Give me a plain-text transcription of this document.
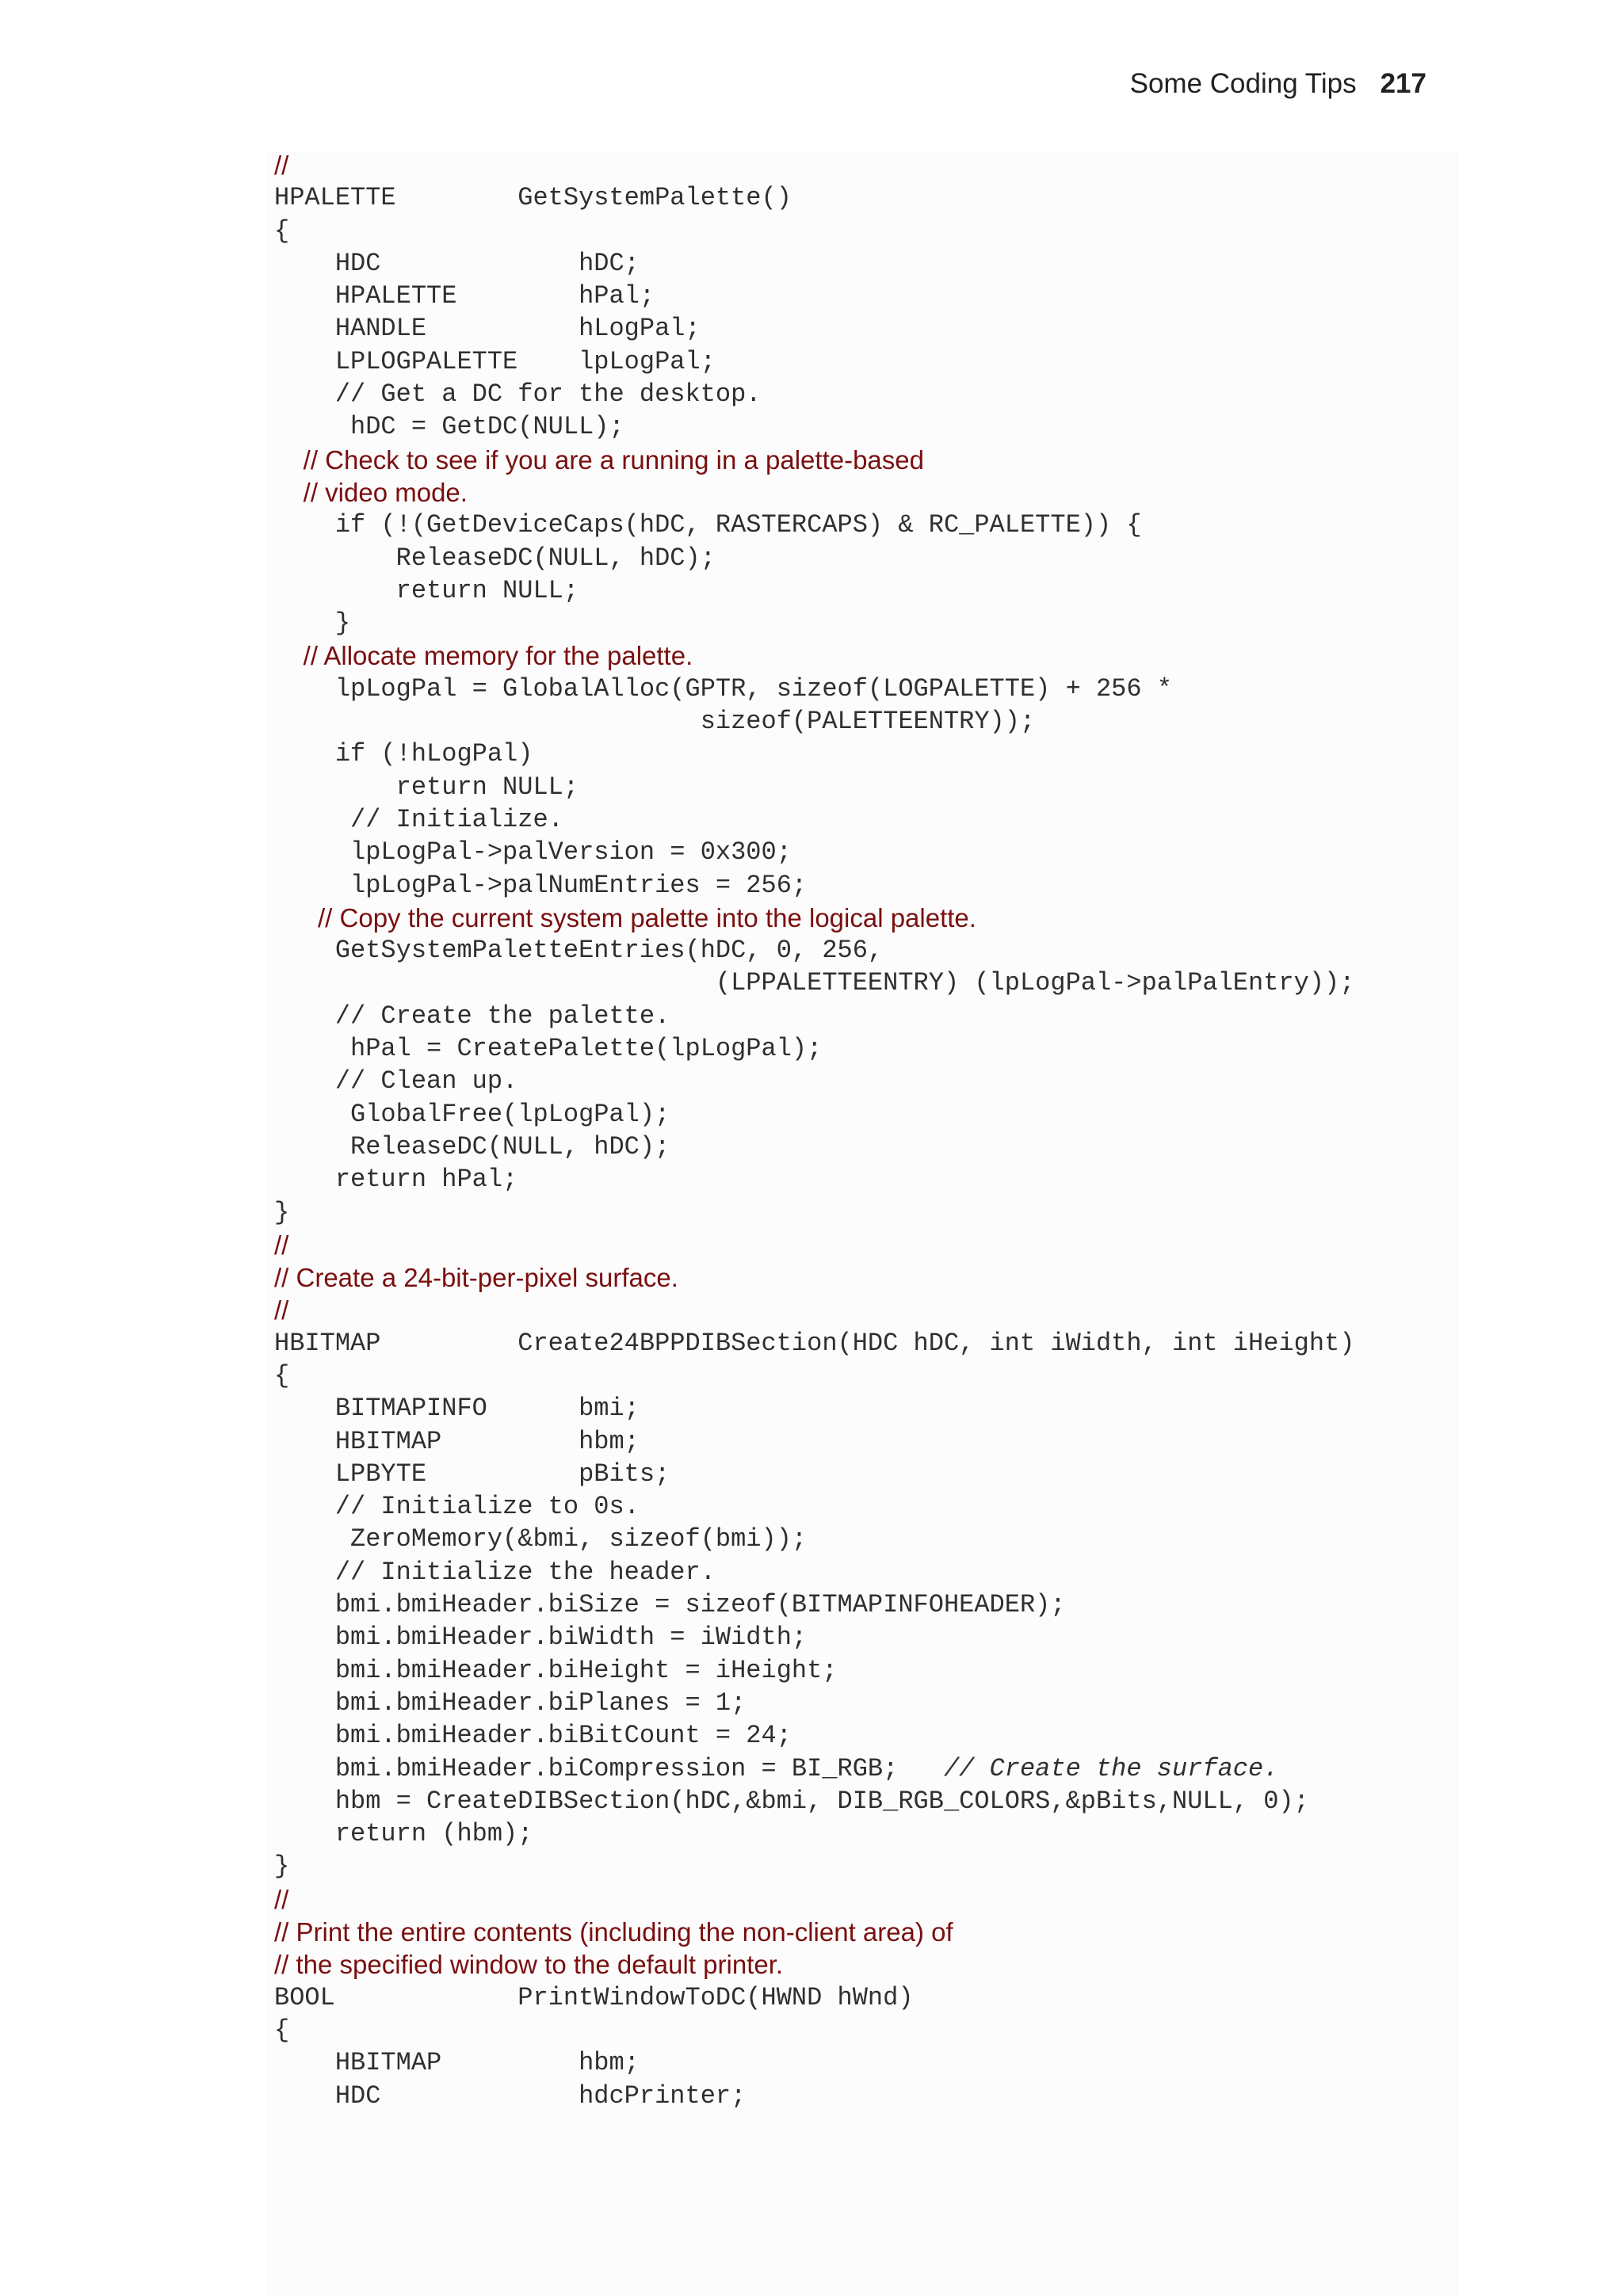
Some Coding Tips 217
//
HPALETTE        GetSystemPalette()
{
HDC             hDC;
HPALETTE        hPal;
HANDLE          hLogPal;
LPLOGPALETTE    lpLogPal;
// Get a DC for the desktop.
hDC = GetDC(NULL);
// Check to see if you are a running in a palette-based
// video mode.
if (!(GetDeviceCaps(hDC, RASTERCAPS) & RC_PALETTE)) {
ReleaseDC(NULL, hDC);
return NULL;
}
// Allocate memory for the palette.
lpLogPal = GlobalAlloc(GPTR, sizeof(LOGPALETTE) + 256 *
sizeof(PALETTEENTRY));
if (!hLogPal)
return NULL;
// Initialize.
lpLogPal->palVersion = 0x300;
lpLogPal->palNumEntries = 256;
// Copy the current system palette into the logical palette.
GetSystemPaletteEntries(hDC, 0, 256,
(LPPALETTEENTRY) (lpLogPal->palPalEntry));
// Create the palette.
hPal = CreatePalette(lpLogPal);
// Clean up.
GlobalFree(lpLogPal);
ReleaseDC(NULL, hDC);
return hPal;
}
//
// Create a 24-bit-per-pixel surface.
//
HBITMAP         Create24BPPDIBSection(HDC hDC, int iWidth, int iHeight)
{
BITMAPINFO      bmi;
HBITMAP         hbm;
LPBYTE          pBits;
// Initialize to 0s.
ZeroMemory(&bmi, sizeof(bmi));
// Initialize the header.
bmi.bmiHeader.biSize = sizeof(BITMAPINFOHEADER);
bmi.bmiHeader.biWidth = iWidth;
bmi.bmiHeader.biHeight = iHeight;
bmi.bmiHeader.biPlanes = 1;
bmi.bmiHeader.biBitCount = 24;
bmi.bmiHeader.biCompression = BI_RGB;   // Create the surface.
hbm = CreateDIBSection(hDC,&bmi, DIB_RGB_COLORS,&pBits,NULL, 0);
return (hbm);
}
//
// Print the entire contents (including the non-client area) of
// the specified window to the default printer.
BOOL            PrintWindowToDC(HWND hWnd)
{
HBITMAP         hbm;
HDC             hdcPrinter;
